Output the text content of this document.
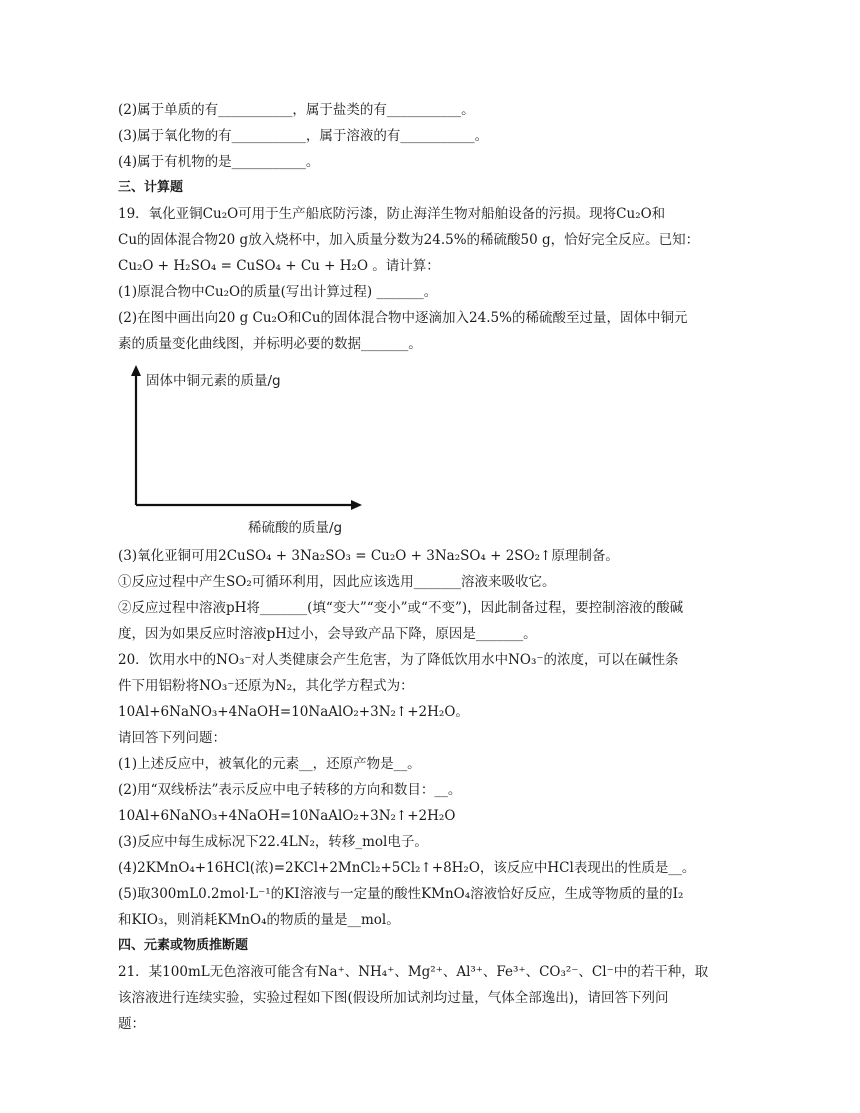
(2)属于单质的有___________，属于盐类的有___________。

(3)属于氧化物的有___________，属于溶液的有___________。

(4)属于有机物的是___________。

三、计算题

19．氧化亚铜Cu₂O可用于生产船底防污漆，防止海洋生物对船舶设备的污损。现将Cu₂O和

Cu的固体混合物20 g放入烧杯中，加入质量分数为24.5%的稀硫酸50 g，恰好完全反应。已知：

Cu₂O + H₂SO₄ = CuSO₄ + Cu + H₂O 。请计算：

(1)原混合物中Cu₂O的质量(写出计算过程) _______。

(2)在图中画出向20 g Cu₂O和Cu的固体混合物中逐滴加入24.5%的稀硫酸至过量，固体中铜元

素的质量变化曲线图，并标明必要的数据_______。

固体中铜元素的质量/g
稀硫酸的质量/g

(3)氧化亚铜可用2CuSO₄ + 3Na₂SO₃ = Cu₂O + 3Na₂SO₄ + 2SO₂↑原理制备。

①反应过程中产生SO₂可循环利用，因此应该选用_______溶液来吸收它。

②反应过程中溶液pH将_______(填“变大”“变小”或“不变”)，因此制备过程，要控制溶液的酸碱

度，因为如果反应时溶液pH过小，会导致产品下降，原因是_______。

20．饮用水中的NO₃⁻对人类健康会产生危害，为了降低饮用水中NO₃⁻的浓度，可以在碱性条

件下用铝粉将NO₃⁻还原为N₂，其化学方程式为：10Al+6NaNO₃+4NaOH=10NaAlO₂+3N₂↑+2H₂O。

请回答下列问题：

(1)上述反应中，被氧化的元素__，还原产物是__。

(2)用“双线桥法”表示反应中电子转移的方向和数目：__。

10Al+6NaNO₃+4NaOH=10NaAlO₂+3N₂↑+2H₂O

(3)反应中每生成标况下22.4LN₂，转移_mol电子。

(4)2KMnO₄+16HCl(浓)=2KCl+2MnCl₂+5Cl₂↑+8H₂O，该反应中HCl表现出的性质是__。

(5)取300mL0.2mol·L⁻¹的KI溶液与一定量的酸性KMnO₄溶液恰好反应，生成等物质的量的I₂

和KIO₃，则消耗KMnO₄的物质的量是__mol。

四、元素或物质推断题

21．某100mL无色溶液可能含有Na⁺、NH₄⁺、Mg²⁺、Al³⁺、Fe³⁺、CO₃²⁻、Cl⁻中的若干种，取

该溶液进行连续实验，实验过程如下图(假设所加试剂均过量，气体全部逸出)，请回答下列问

题：
